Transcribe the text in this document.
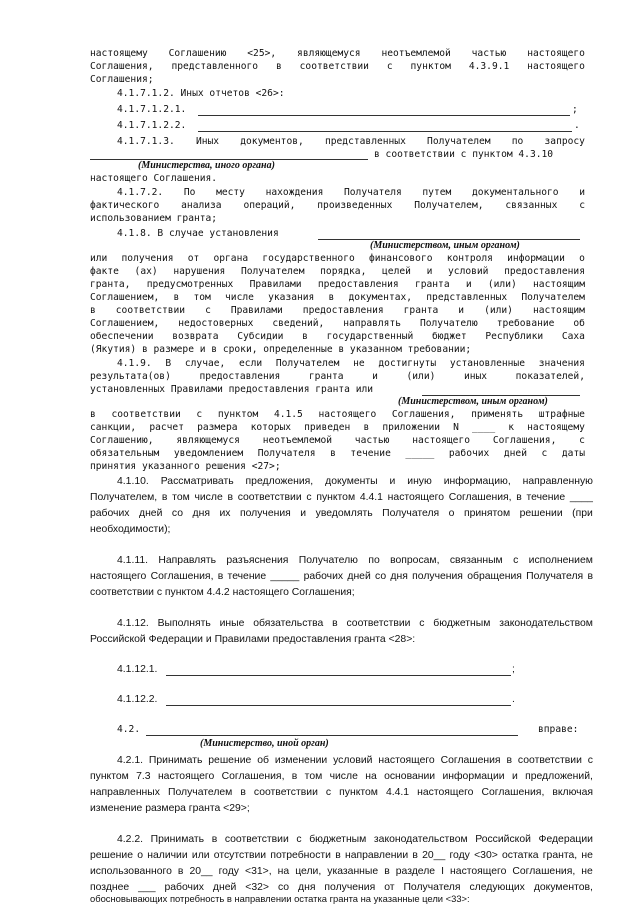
настоящему Соглашению <25>, являющемуся неотъемлемой частью настоящего
Соглашения, представленного в соответствии с пунктом 4.3.9.1 настоящего
Соглашения;
4.1.7.1.2. Иных отчетов <26>:
4.1.7.1.2.1.	;
4.1.7.1.2.2.	.
4.1.7.1.3. Иных документов, представленных Получателем по запросу
в соответствии с пунктом 4.3.10
(Министерства, иного органа)
настоящего Соглашения.
4.1.7.2. По месту нахождения Получателя путем документального и
фактического анализа операций, произведенных Получателем, связанных с
использованием гранта;
4.1.8. В случае установления
(Министерством, иным органом)
или получения от органа государственного финансового контроля информации о
факте (ах) нарушения Получателем порядка, целей и условий предоставления
гранта, предусмотренных Правилами предоставления гранта и (или) настоящим
Соглашением, в том числе указания в документах, представленных Получателем
в соответствии с Правилами предоставления гранта и (или) настоящим
Соглашением, недостоверных сведений, направлять Получателю требование об
обеспечении возврата Субсидии в государственный бюджет Республики Саха
(Якутия) в размере и в сроки, определенные в указанном требовании;
4.1.9. В случае, если Получателем не достигнуты установленные значения
результата(ов)	предоставления	гранта	и	(или)	иных	показателей,
установленных Правилами предоставления гранта или
(Министерством, иным органом)
в соответствии с пунктом 4.1.5 настоящего Соглашения, применять штрафные
санкции, расчет размера которых приведен в приложении N ____ к настоящему
Соглашению, являющемуся неотъемлемой частью настоящего Соглашения, с
обязательным уведомлением Получателя в течение _____ рабочих дней с даты
принятия указанного решения <27>;
4.1.10. Рассматривать предложения, документы и иную информацию, направленную
Получателем, в том числе в соответствии с пунктом 4.4.1 настоящего Соглашения, в течение ____
рабочих дней со дня их получения и уведомлять Получателя о принятом решении (при
необходимости);
4.1.11. Направлять разъяснения Получателю по вопросам, связанным с исполнением
настоящего Соглашения, в течение _____ рабочих дней со дня получения обращения Получателя в
соответствии с пунктом 4.4.2 настоящего Соглашения;
4.1.12. Выполнять иные обязательства в соответствии с бюджетным законодательством
Российской Федерации и Правилами предоставления гранта <28>:
4.1.12.1.	;
4.1.12.2.	.
4.2.	вправе:
(Министерство, иной орган)
4.2.1. Принимать решение об изменении условий настоящего Соглашения в соответствии с
пунктом 7.3 настоящего Соглашения, в том числе на основании информации и предложений,
направленных Получателем в соответствии с пунктом 4.4.1 настоящего Соглашения, включая
изменение размера гранта <29>;
4.2.2. Принимать в соответствии с бюджетным законодательством Российской Федерации
решение о наличии или отсутствии потребности в направлении в 20__ году <30> остатка гранта, не
использованного в 20__ году <31>, на цели, указанные в разделе I настоящего Соглашения, не
позднее ___ рабочих дней <32> со дня получения от Получателя следующих документов,
обосновывающих потребность в направлении остатка гранта на указанные цели <33>:
